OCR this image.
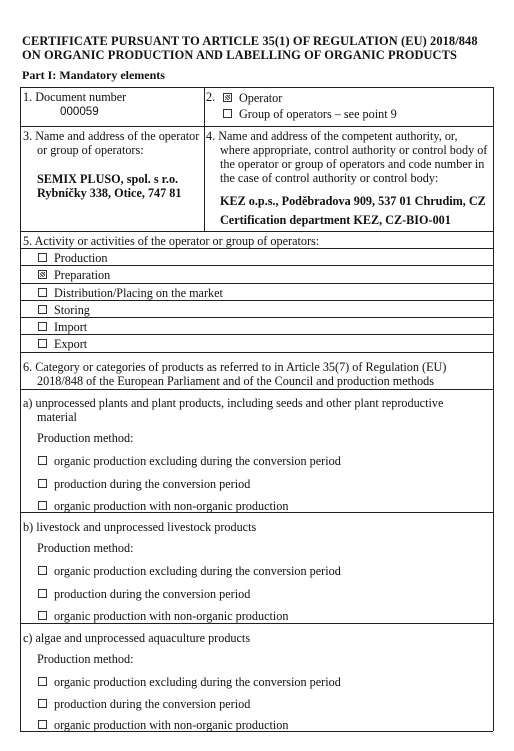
CERTIFICATE PURSUANT TO ARTICLE 35(1) OF REGULATION (EU) 2018/848
ON ORGANIC PRODUCTION AND LABELLING OF ORGANIC PRODUCTS
Part I: Mandatory elements
1. Document number
000059
2.	Operator
Group of operators – see point 9
3. Name and address of the operator
or group of operators:
SEMIX PLUSO, spol. s r.o.
Rybníčky 338, Otice, 747 81
4. Name and address of the competent authority, or,
where appropriate, control authority or control body of
the operator or group of operators and code number in
the case of control authority or control body:
KEZ o.p.s., Poděbradova 909, 537 01 Chrudim, CZ
Certification department KEZ, CZ-BIO-001
5. Activity or activities of the operator or group of operators:
Production
Preparation
Distribution/Placing on the market
Storing
Import
Export
6. Category or categories of products as referred to in Article 35(7) of Regulation (EU)
2018/848 of the European Parliament and of the Council and production methods
a) unprocessed plants and plant products, including seeds and other plant reproductive
material
Production method:
organic production excluding during the conversion period
production during the conversion period
organic production with non-organic production
b) livestock and unprocessed livestock products
Production method:
organic production excluding during the conversion period
production during the conversion period
organic production with non-organic production
c) algae and unprocessed aquaculture products
Production method:
organic production excluding during the conversion period
production during the conversion period
organic production with non-organic production
